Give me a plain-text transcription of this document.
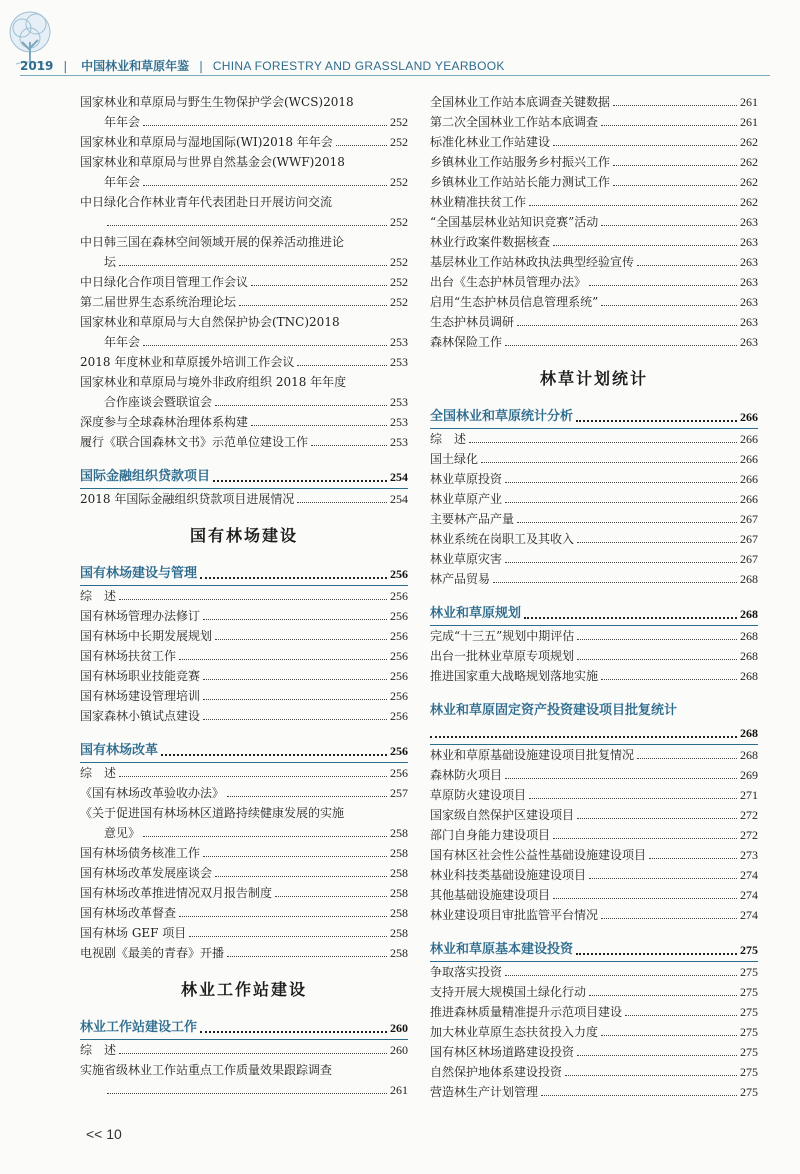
2019 | 中国林业和草原年鉴 | CHINA FORESTRY AND GRASSLAND YEARBOOK
国家林业和草原局与野生生物保护学会(WCS)2018
年年会	252
国家林业和草原局与湿地国际(WI)2018 年年会	252
国家林业和草原局与世界自然基金会(WWF)2018
年年会	252
中日绿化合作林业青年代表团赴日开展访问交流
252
中日韩三国在森林空间领域开展的保养活动推进论
坛	252
中日绿化合作项目管理工作会议	252
第二届世界生态系统治理论坛	252
国家林业和草原局与大自然保护协会(TNC)2018
年年会	253
2018 年度林业和草原援外培训工作会议	253
国家林业和草原局与境外非政府组织 2018 年年度
合作座谈会暨联谊会	253
深度参与全球森林治理体系构建	253
履行《联合国森林文书》示范单位建设工作	253
国际金融组织贷款项目	254
2018 年国际金融组织贷款项目进展情况	254
国有林场建设
国有林场建设与管理	256
综　述	256
国有林场管理办法修订	256
国有林场中长期发展规划	256
国有林场扶贫工作	256
国有林场职业技能竞赛	256
国有林场建设管理培训	256
国家森林小镇试点建设	256
国有林场改革	256
综　述	256
《国有林场改革验收办法》	257
《关于促进国有林场林区道路持续健康发展的实施
意见》	258
国有林场债务核准工作	258
国有林场改革发展座谈会	258
国有林场改革推进情况双月报告制度	258
国有林场改革督查	258
国有林场 GEF 项目	258
电视剧《最美的青春》开播	258
林业工作站建设
林业工作站建设工作	260
综　述	260
实施省级林业工作站重点工作质量效果跟踪调查
261
全国林业工作站本底调查关键数据	261
第二次全国林业工作站本底调查	261
标准化林业工作站建设	262
乡镇林业工作站服务乡村振兴工作	262
乡镇林业工作站站长能力测试工作	262
林业精准扶贫工作	262
“全国基层林业站知识竞赛”活动	263
林业行政案件数据核查	263
基层林业工作站林政执法典型经验宣传	263
出台《生态护林员管理办法》	263
启用“生态护林员信息管理系统”	263
生态护林员调研	263
森林保险工作	263
林草计划统计
全国林业和草原统计分析	266
综　述	266
国土绿化	266
林业草原投资	266
林业草原产业	266
主要林产品产量	267
林业系统在岗职工及其收入	267
林业草原灾害	267
林产品贸易	268
林业和草原规划	268
完成“十三五”规划中期评估	268
出台一批林业草原专项规划	268
推进国家重大战略规划落地实施	268
林业和草原固定资产投资建设项目批复统计
268
林业和草原基础设施建设项目批复情况	268
森林防火项目	269
草原防火建设项目	271
国家级自然保护区建设项目	272
部门自身能力建设项目	272
国有林区社会性公益性基础设施建设项目	273
林业科技类基础设施建设项目	274
其他基础设施建设项目	274
林业建设项目审批监管平台情况	274
林业和草原基本建设投资	275
争取落实投资	275
支持开展大规模国土绿化行动	275
推进森林质量精准提升示范项目建设	275
加大林业草原生态扶贫投入力度	275
国有林区林场道路建设投资	275
自然保护地体系建设投资	275
营造林生产计划管理	275
<< 10
